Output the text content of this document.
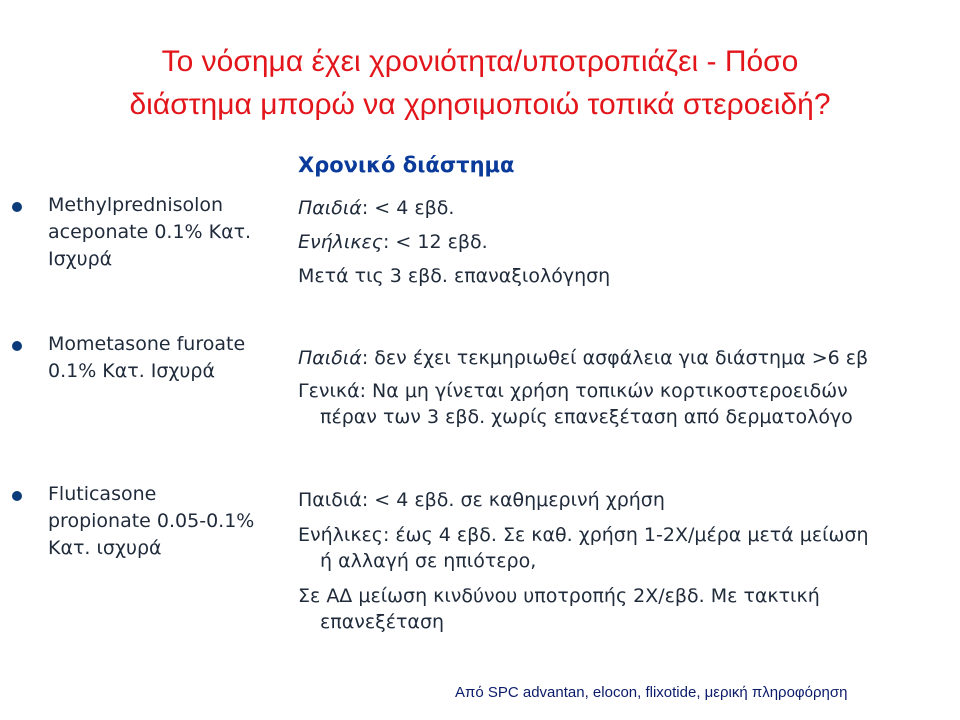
Το νόσημα έχει χρονιότητα/υποτροπιάζει - Πόσο
διάστημα μπορώ να χρησιμοποιώ τοπικά στεροειδή?
Methylprednisolon
aceponate 0.1% Κατ.
Ισχυρά
Mometasone furoate
0.1% Κατ. Ισχυρά
Fluticasone
propionate 0.05-0.1%
Κατ. ισχυρά
Χρονικό διάστημα
Παιδιά: < 4 εβδ.
Ενήλικες: < 12 εβδ.
Μετά τις 3 εβδ. επαναξιολόγηση
Παιδιά: δεν έχει τεκμηριωθεί ασφάλεια για διάστημα >6 εβ
Γενικά: Να μη γίνεται χρήση τοπικών κορτικοστεροειδών
πέραν των 3 εβδ. χωρίς επανεξέταση από δερματολόγο
Παιδιά: < 4 εβδ. σε καθημερινή χρήση
Ενήλικες: έως 4 εβδ. Σε καθ. χρήση 1-2Χ/μέρα μετά μείωση
ή αλλαγή σε ηπιότερο,
Σε ΑΔ μείωση κινδύνου υποτροπής 2Χ/εβδ. Με τακτική
επανεξέταση
Από SPC advantan, elocon, flixotide, μερική πληροφόρηση
